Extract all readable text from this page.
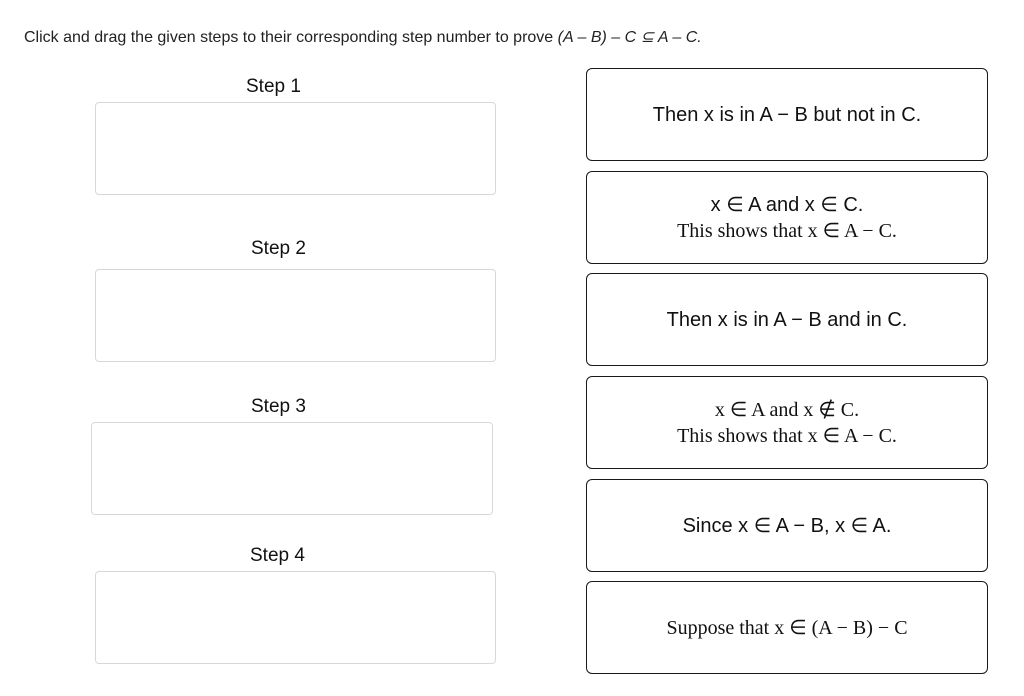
Click and drag the given steps to their corresponding step number to prove (A – B) – C ⊆ A – C.
Step 1
Step 2
Step 3
Step 4
Then x is in A − B but not in C.
x ∈ A and x ∈ C.
This shows that x ∈ A − C.
Then x is in A − B and in C.
x ∈ A and x ∉ C.
This shows that x ∈ A − C.
Since x ∈ A − B, x ∈ A.
Suppose that x ∈ (A − B) − C
